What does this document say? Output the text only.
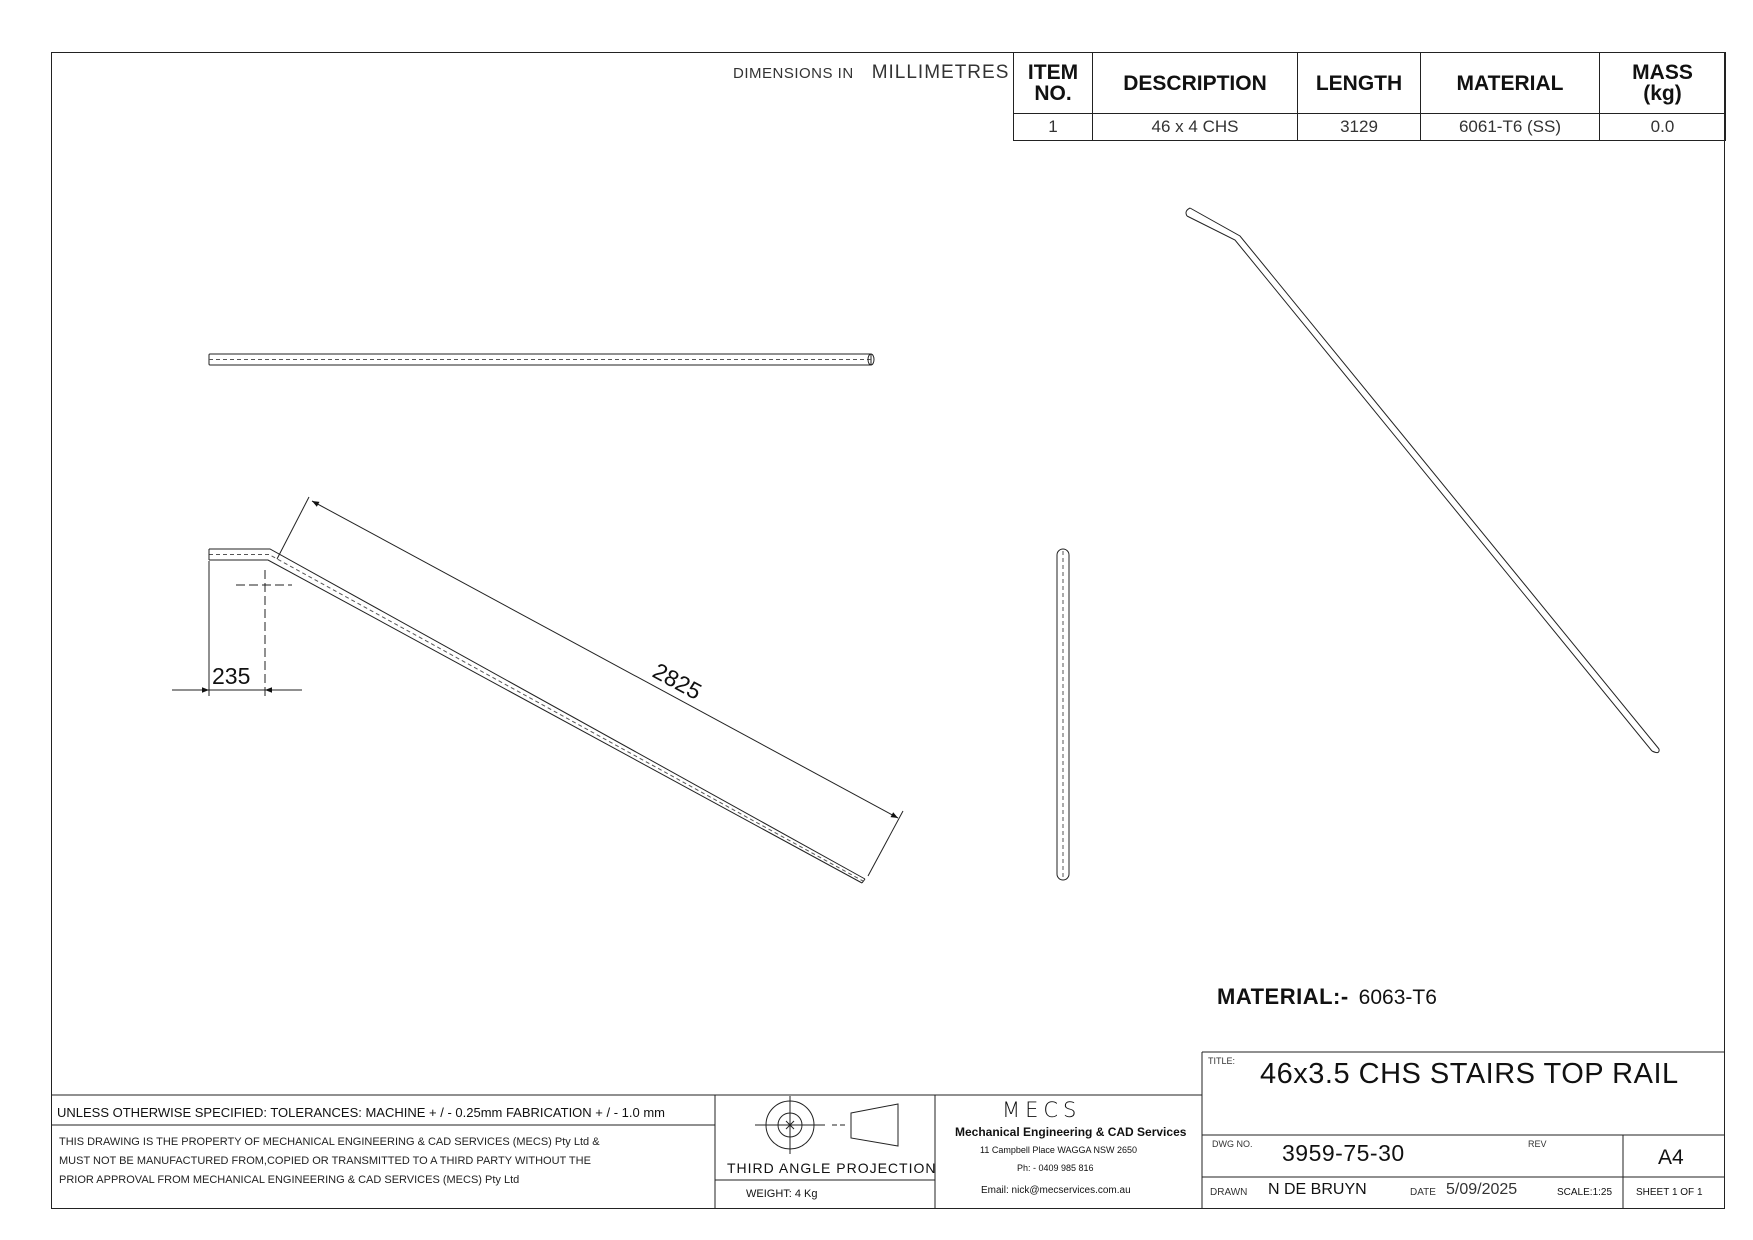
DIMENSIONS IN MILLIMETRES ITEM
NO.	DESCRIPTION	LENGTH	MATERIAL	MASS
(kg)
1	46 x 4 CHS	3129	6061-T6 (SS)	0.0
235	2825
MATERIAL:- 6063-T6
TITLE: 46x3.5 CHS STAIRS TOP RAIL
UNLESS OTHERWISE SPECIFIED: TOLERANCES: MACHINE + / - 0.25mm FABRICATION + / - 1.0 mm
THIS DRAWING IS THE PROPERTY OF MECHANICAL ENGINEERING & CAD SERVICES (MECS) Pty Ltd &
MUST NOT BE MANUFACTURED FROM,COPIED OR TRANSMITTED TO A THIRD PARTY WITHOUT THE
PRIOR APPROVAL FROM MECHANICAL ENGINEERING & CAD SERVICES (MECS) Pty Ltd
THIRD ANGLE PROJECTION
WEIGHT: 4 Kg
MECS
Mechanical Engineering & CAD Services
11 Campbell Place WAGGA NSW 2650
Ph: - 0409 985 816
Email: nick@mecservices.com.au
DWG NO. 3959-75-30	REV
A4
DRAWN N DE BRUYN	DATE 5/09/2025	SCALE:1:25 SHEET 1 OF 1
